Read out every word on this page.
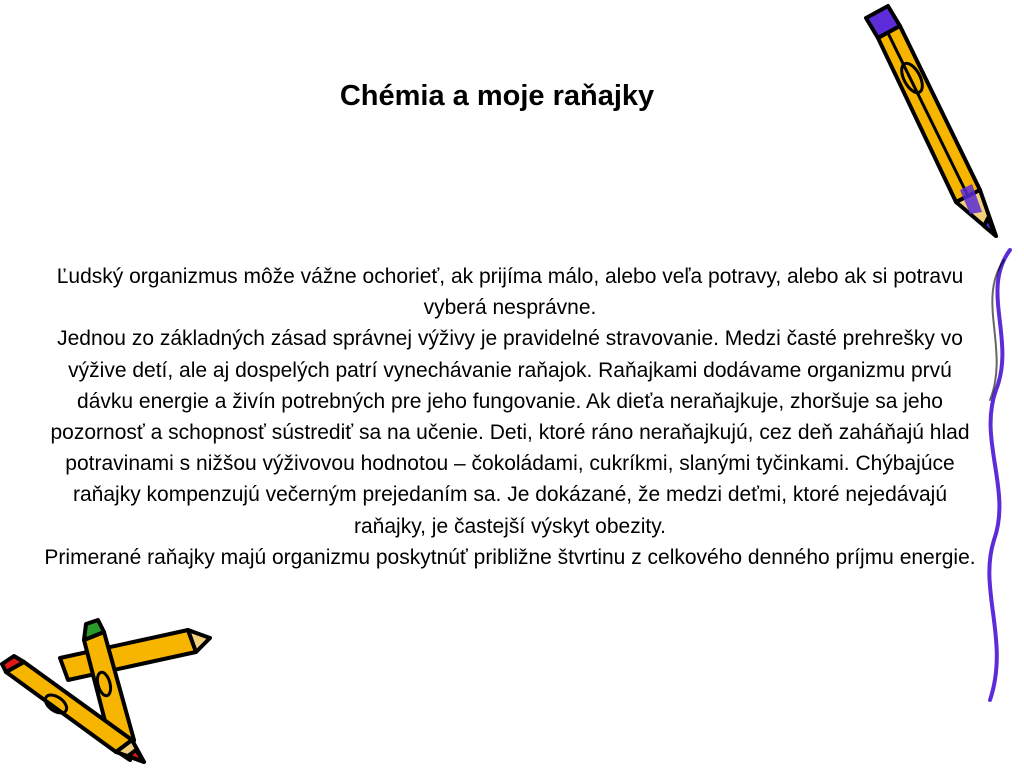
Chémia a moje raňajky

Ľudský organizmus môže vážne ochorieť, ak prijíma málo, alebo veľa potravy, alebo ak si potravu vyberá nesprávne.

Jednou zo základných zásad správnej výživy je pravidelné stravovanie. Medzi časté prehrešky vo výžive detí, ale aj dospelých patrí vynechávanie raňajok. Raňajkami dodávame organizmu prvú dávku energie a živín potrebných pre jeho fungovanie. Ak dieťa neraňajkuje, zhoršuje sa jeho pozornosť a schopnosť sústrediť sa na učenie. Deti, ktoré ráno neraňajkujú, cez deň zaháňajú hlad potravinami s nižšou výživovou hodnotou – čokoládami, cukríkmi, slanými tyčinkami. Chýbajúce raňajky kompenzujú večerným prejedaním sa. Je dokázané, že medzi deťmi, ktoré nejedávajú raňajky, je častejší výskyt obezity.

Primerané raňajky majú organizmu poskytnúť približne štvrtinu z celkového denného príjmu energie.
